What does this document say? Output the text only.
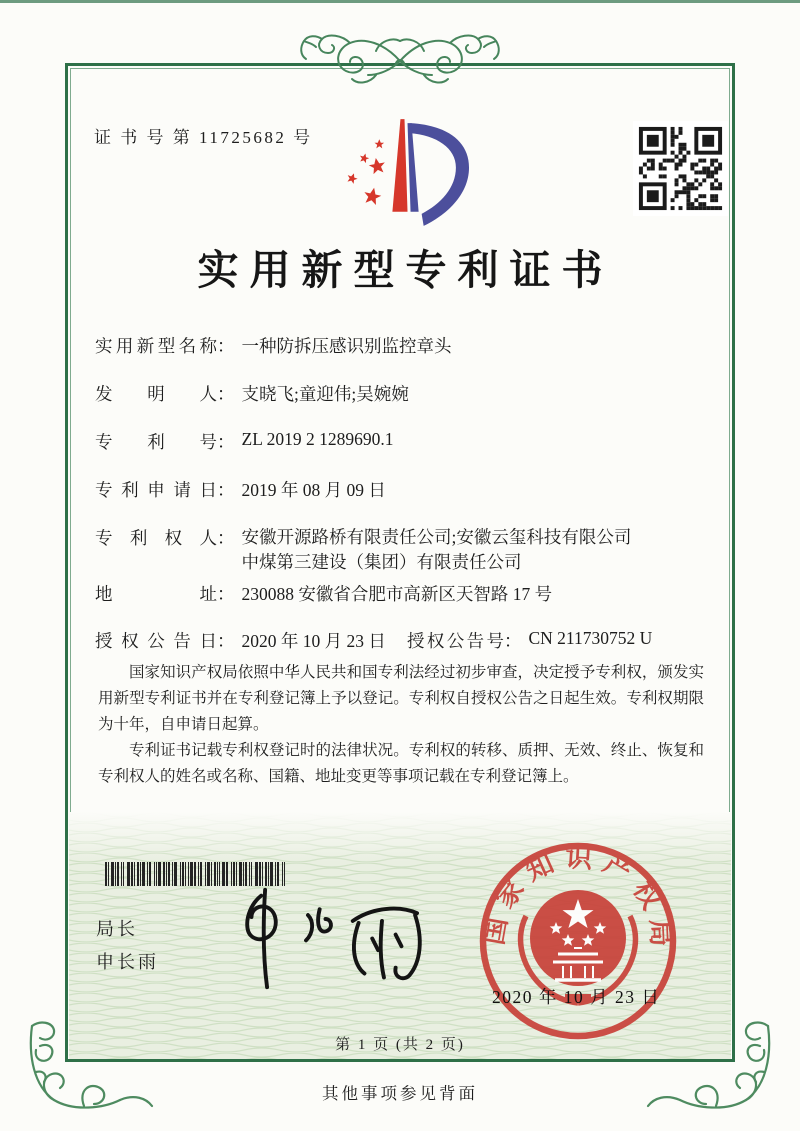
证 书 号 第 11725682 号
实用新型专利证书
实用新型名称 ： 一种防拆压感识别监控章头
发明人 ： 支晓飞;童迎伟;吴婉婉
专利号 ： ZL 2019 2 1289690.1
专利申请日 ： 2019 年 08 月 09 日
专利权人 ： 安徽开源路桥有限责任公司;安徽云玺科技有限公司
中煤第三建设（集团）有限责任公司
地址 ： 230088 安徽省合肥市高新区天智路 17 号
授权公告日 ： 2020 年 10 月 23 日 授权公告号 ： CN 211730752 U

国家知识产权局依照中华人民共和国专利法经过初步审查，决定授予专利权，颁发实用新型专利证书并在专利登记簿上予以登记。专利权自授权公告之日起生效。专利权期限为十年，自申请日起算。

专利证书记载专利权登记时的法律状况。专利权的转移、质押、无效、终止、恢复和专利权人的姓名或名称、国籍、地址变更等事项记载在专利登记簿上。

局长
申长雨
国家知识产权局
2020 年 10 月 23 日
第 1 页 (共 2 页)
其他事项参见背面
